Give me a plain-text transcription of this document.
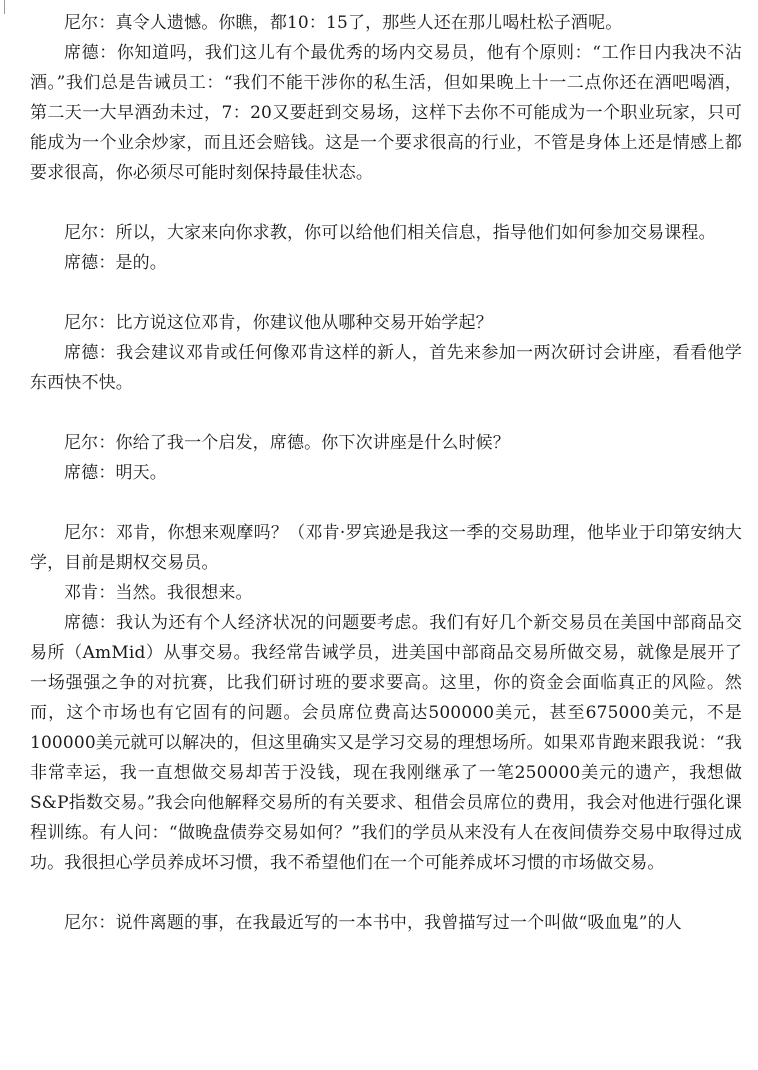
尼尔：真令人遗憾。你瞧，都10：15了，那些人还在那儿喝杜松子酒呢。

席德：你知道吗，我们这儿有个最优秀的场内交易员，他有个原则：“工作日内我决不沾酒。”我们总是告诫员工：“我们不能干涉你的私生活，但如果晚上十一二点你还在酒吧喝酒，第二天一大早酒劲未过，7：20又要赶到交易场，这样下去你不可能成为一个职业玩家，只可能成为一个业余炒家，而且还会赔钱。这是一个要求很高的行业，不管是身体上还是情感上都要求很高，你必须尽可能时刻保持最佳状态。

尼尔：所以，大家来向你求教，你可以给他们相关信息，指导他们如何参加交易课程。

席德：是的。

尼尔：比方说这位邓肯，你建议他从哪种交易开始学起？

席德：我会建议邓肯或任何像邓肯这样的新人，首先来参加一两次研讨会讲座，看看他学东西快不快。

尼尔：你给了我一个启发，席德。你下次讲座是什么时候？

席德：明天。

尼尔：邓肯，你想来观摩吗？（邓肯·罗宾逊是我这一季的交易助理，他毕业于印第安纳大学，目前是期权交易员。

邓肯：当然。我很想来。

席德：我认为还有个人经济状况的问题要考虑。我们有好几个新交易员在美国中部商品交易所（AmMid）从事交易。我经常告诫学员，进美国中部商品交易所做交易，就像是展开了一场强强之争的对抗赛，比我们研讨班的要求要高。这里，你的资金会面临真正的风险。然而，这个市场也有它固有的问题。会员席位费高达500000美元，甚至675000美元，不是100000美元就可以解决的，但这里确实又是学习交易的理想场所。如果邓肯跑来跟我说：“我非常幸运，我一直想做交易却苦于没钱，现在我刚继承了一笔250000美元的遗产，我想做S&P指数交易。”我会向他解释交易所的有关要求、租借会员席位的费用，我会对他进行强化课程训练。有人问：“做晚盘债券交易如何？”我们的学员从来没有人在夜间债券交易中取得过成功。我很担心学员养成坏习惯，我不希望他们在一个可能养成坏习惯的市场做交易。

尼尔：说件离题的事，在我最近写的一本书中，我曾描写过一个叫做“吸血鬼”的人
